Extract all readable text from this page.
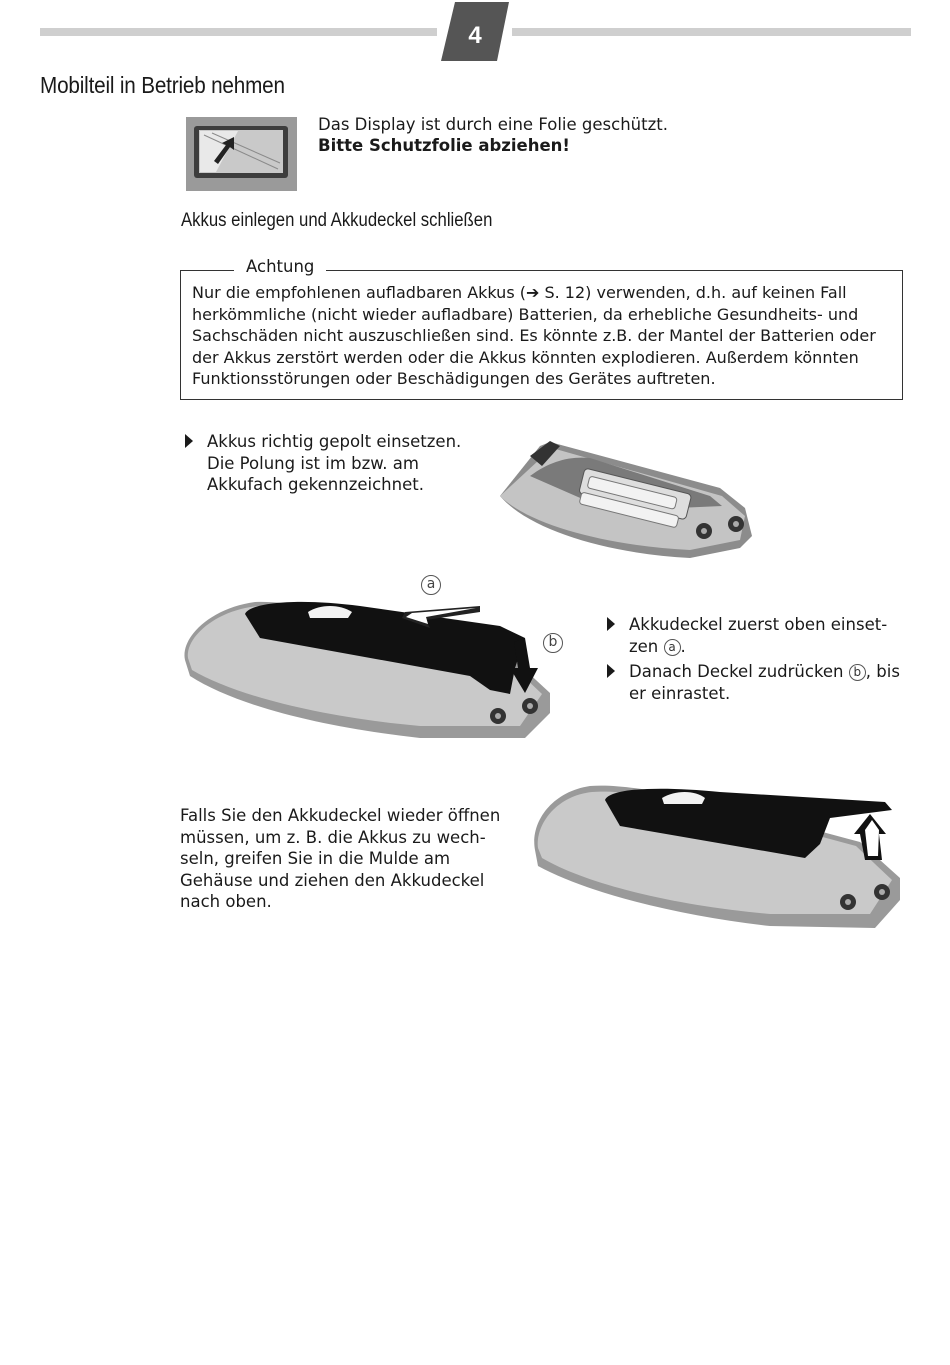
4
Mobilteil in Betrieb nehmen

Das Display ist durch eine Folie geschützt.

Bitte Schutzfolie abziehen!

Akkus einlegen und Akkudeckel schließen
Achtung

Nur die empfohlenen aufladbaren Akkus (➔ S. 12) verwenden, d.h. auf keinen Fall herkömmliche (nicht wieder aufladbare) Batterien, da erhebliche Gesundheits- und Sachschäden nicht auszuschließen sind. Es könnte z.B. der Mantel der Batterien oder der Akkus zerstört werden oder die Akkus könnten explodieren. Außerdem könnten Funktionsstörungen oder Beschädigungen des Gerätes auftreten.

Akkus richtig gepolt einsetzen. Die Polung ist im bzw. am Akkufach gekennzeichnet.

a
b

Akkudeckel zuerst oben einset-zen a .

Danach Deckel zudrücken b , bis er einrastet.

Falls Sie den Akkudeckel wieder öffnen müssen, um z. B. die Akkus zu wech-seln, greifen Sie in die Mulde am Gehäuse und ziehen den Akkudeckel nach oben.
